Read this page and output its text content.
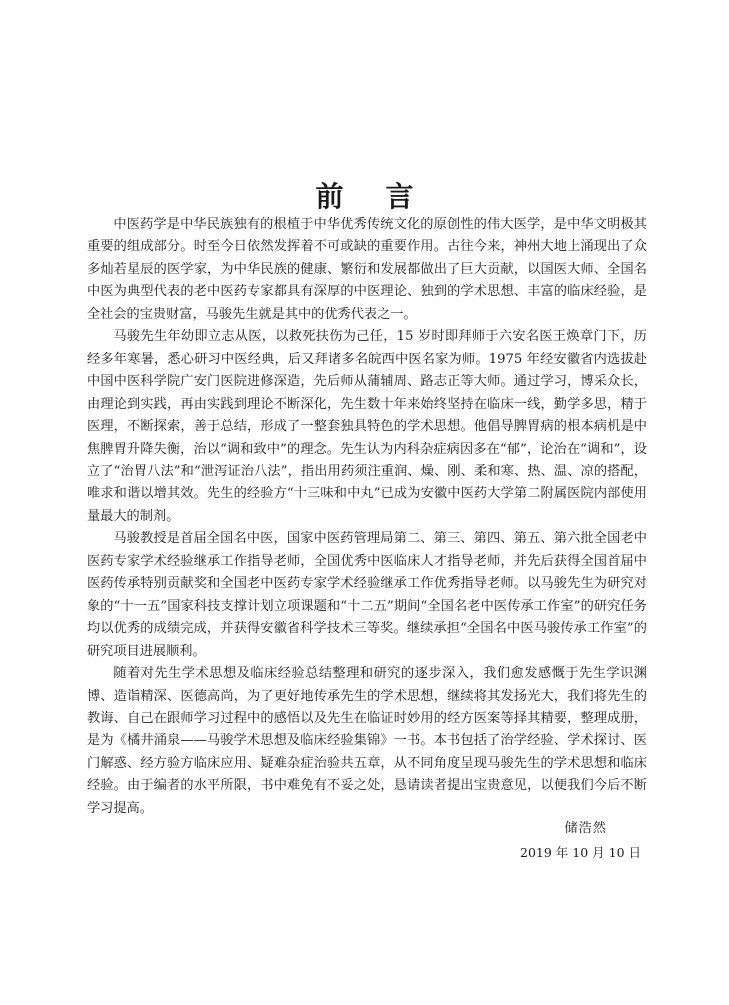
前言

中医药学是中华民族独有的根植于中华优秀传统文化的原创性的伟大医学，是中华文明极其重要的组成部分。时至今日依然发挥着不可或缺的重要作用。古往今来，神州大地上涌现出了众多灿若星辰的医学家，为中华民族的健康、繁衍和发展都做出了巨大贡献，以国医大师、全国名中医为典型代表的老中医药专家都具有深厚的中医理论、独到的学术思想、丰富的临床经验，是全社会的宝贵财富，马骏先生就是其中的优秀代表之一。

马骏先生年幼即立志从医，以救死扶伤为己任，15 岁时即拜师于六安名医王焕章门下，历经多年寒暑，悉心研习中医经典，后又拜诸多名皖西中医名家为师。1975 年经安徽省内选拔赴中国中医科学院广安门医院进修深造，先后师从蒲辅周、路志正等大师。通过学习，博采众长，由理论到实践，再由实践到理论不断深化，先生数十年来始终坚持在临床一线，勤学多思，精于医理，不断探索，善于总结，形成了一整套独具特色的学术思想。他倡导脾胃病的根本病机是中焦脾胃升降失衡，治以“调和致中”的理念。先生认为内科杂症病因多在“郁”，论治在“调和”，设立了“治胃八法”和“泄泻证治八法”，指出用药须注重润、燥、刚、柔和寒、热、温、凉的搭配，唯求和谐以增其效。先生的经验方“十三味和中丸”已成为安徽中医药大学第二附属医院内部使用量最大的制剂。

马骏教授是首届全国名中医，国家中医药管理局第二、第三、第四、第五、第六批全国老中医药专家学术经验继承工作指导老师，全国优秀中医临床人才指导老师，并先后获得全国首届中医药传承特别贡献奖和全国老中医药专家学术经验继承工作优秀指导老师。以马骏先生为研究对象的“十一五”国家科技支撑计划立项课题和“十二五”期间“全国名老中医传承工作室”的研究任务均以优秀的成绩完成，并获得安徽省科学技术三等奖。继续承担“全国名中医马骏传承工作室”的研究项目进展顺利。

随着对先生学术思想及临床经验总结整理和研究的逐步深入，我们愈发感慨于先生学识渊博、造诣精深、医德高尚，为了更好地传承先生的学术思想，继续将其发扬光大，我们将先生的教诲、自己在跟师学习过程中的感悟以及先生在临证时妙用的经方医案等择其精要，整理成册，是为《橘井涌泉——马骏学术思想及临床经验集锦》一书。本书包括了治学经验、学术探讨、医门解惑、经方验方临床应用、疑难杂症治验共五章，从不同角度呈现马骏先生的学术思想和临床经验。由于编者的水平所限，书中难免有不妥之处，恳请读者提出宝贵意见，以便我们今后不断学习提高。

储浩然
2019 年 10 月 10 日
